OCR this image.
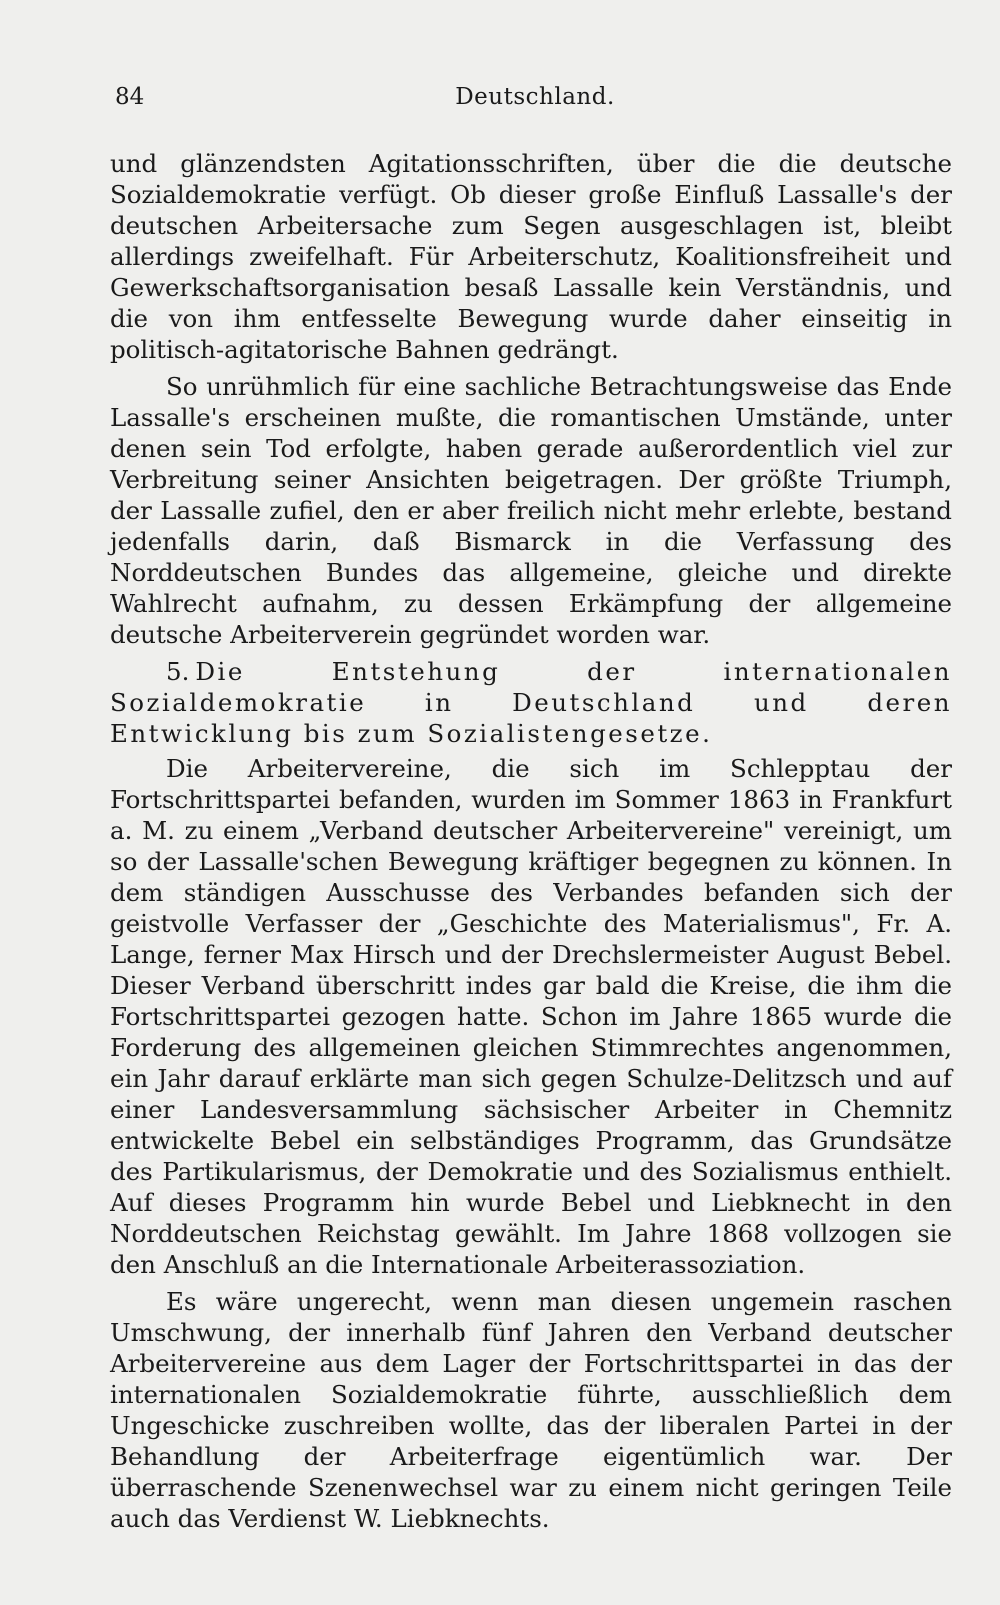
84	Deutschland.

und glänzendsten Agitationsschriften, über die die deutsche Sozialdemokratie verfügt. Ob dieser große Einfluß Lassalle's der deutschen Arbeitersache zum Segen ausgeschlagen ist, bleibt allerdings zweifelhaft. Für Arbeiterschutz, Koalitionsfreiheit und Gewerkschaftsorganisation besaß Lassalle kein Verständnis, und die von ihm entfesselte Bewegung wurde daher einseitig in politisch-agitatorische Bahnen gedrängt.

So unrühmlich für eine sachliche Betrachtungsweise das Ende Lassalle's erscheinen mußte, die romantischen Umstände, unter denen sein Tod erfolgte, haben gerade außerordentlich viel zur Verbreitung seiner Ansichten beigetragen. Der größte Triumph, der Lassalle zufiel, den er aber freilich nicht mehr erlebte, bestand jedenfalls darin, daß Bismarck in die Verfassung des Norddeutschen Bundes das allgemeine, gleiche und direkte Wahlrecht aufnahm, zu dessen Erkämpfung der allgemeine deutsche Arbeiterverein gegründet worden war.

5. Die Entstehung der internationalen Sozialdemokratie in Deutschland und deren Entwicklung bis zum Sozialistengesetze.

Die Arbeitervereine, die sich im Schlepptau der Fortschrittspartei befanden, wurden im Sommer 1863 in Frankfurt a. M. zu einem „Verband deutscher Arbeitervereine" vereinigt, um so der Lassalle'schen Bewegung kräftiger begegnen zu können. In dem ständigen Ausschusse des Verbandes befanden sich der geistvolle Verfasser der „Geschichte des Materialismus", Fr. A. Lange, ferner Max Hirsch und der Drechslermeister August Bebel. Dieser Verband überschritt indes gar bald die Kreise, die ihm die Fortschrittspartei gezogen hatte. Schon im Jahre 1865 wurde die Forderung des allgemeinen gleichen Stimmrechtes angenommen, ein Jahr darauf erklärte man sich gegen Schulze-Delitzsch und auf einer Landesversammlung sächsischer Arbeiter in Chemnitz entwickelte Bebel ein selbständiges Programm, das Grundsätze des Partikularismus, der Demokratie und des Sozialismus enthielt. Auf dieses Programm hin wurde Bebel und Liebknecht in den Norddeutschen Reichstag gewählt. Im Jahre 1868 vollzogen sie den Anschluß an die Internationale Arbeiterassoziation.

Es wäre ungerecht, wenn man diesen ungemein raschen Umschwung, der innerhalb fünf Jahren den Verband deutscher Arbeitervereine aus dem Lager der Fortschrittspartei in das der internationalen Sozialdemokratie führte, ausschließlich dem Ungeschicke zuschreiben wollte, das der liberalen Partei in der Behandlung der Arbeiterfrage eigentümlich war. Der überraschende Szenenwechsel war zu einem nicht geringen Teile auch das Verdienst W. Liebknechts.
